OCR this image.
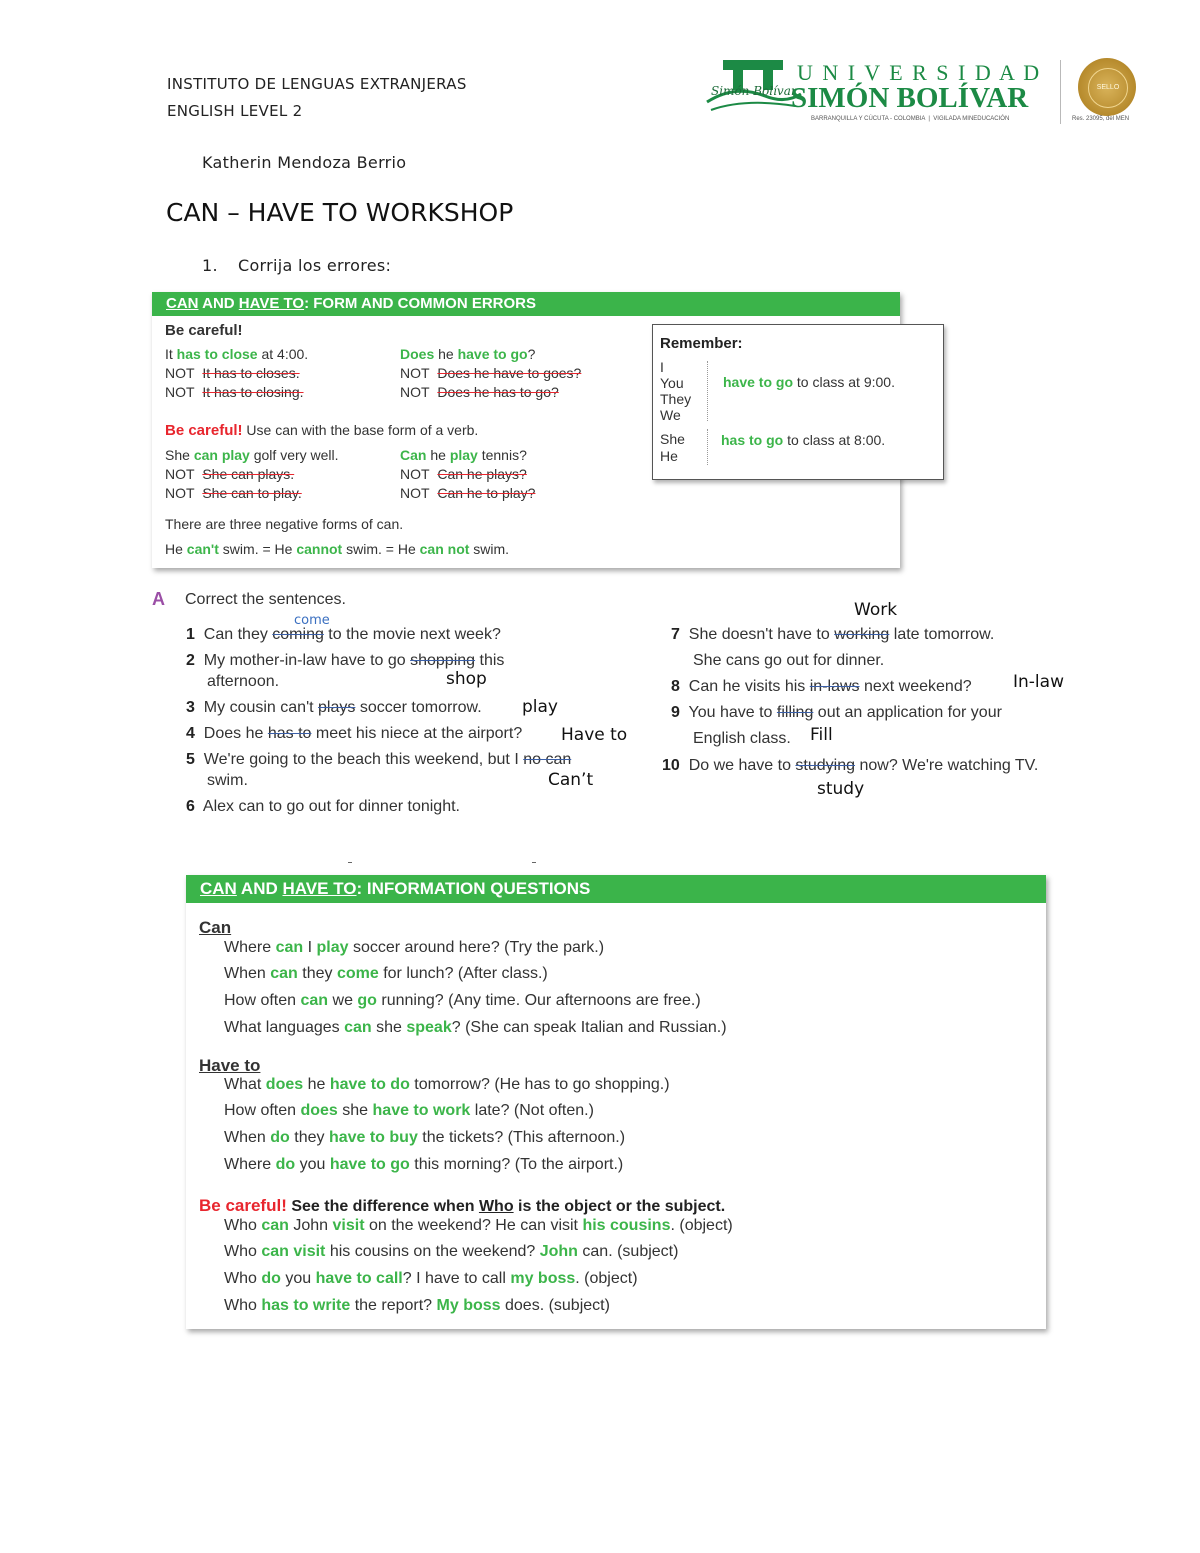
INSTITUTO DE LENGUAS EXTRANJERAS
ENGLISH LEVEL 2
Katherin Mendoza Berrio
CAN – HAVE TO WORKSHOP
1. Corrija los errores:
Simón Bolívar
U N I V E R S I D A D
SIMÓN BOLÍVAR
BARRANQUILLA Y CÚCUTA - COLOMBIA  |  VIGILADA MINEDUCACIÓN
SELLO
Res. 23095, del MEN
CAN AND HAVE TO: FORM AND COMMON ERRORS
Be careful!
It has to close at 4:00.	Does he have to go?
NOT It has to closes.	NOT Does he have to goes?
NOT It has to closing.	NOT Does he has to go?
Be careful! Use can with the base form of a verb.
She can play golf very well.	Can he play tennis?
NOT She can plays.	NOT Can he plays?
NOT She can to play.	NOT Can he to play?
There are three negative forms of can.
He can't swim. = He cannot swim. = He can not swim.
Remember:
I
You
They
We
have to go to class at 9:00.
She
He
has to go to class at 8:00.
A Correct the sentences.
1 Can they coming to the movie next week?
2 My mother-in-law have to go shopping this
afternoon.
3 My cousin can't plays soccer tomorrow.
4 Does he has to meet his niece at the airport?
5 We're going to the beach this weekend, but I no can
swim.
6 Alex can to go out for dinner tonight.
7 She doesn't have to working late tomorrow.
She cans go out for dinner.
8 Can he visits his in-laws next weekend?
9 You have to filling out an application for your
English class.
10 Do we have to studying now? We're watching TV.
come
shop
play
Have to
Can’t
Work
In-law
Fill
study
CAN AND HAVE TO: INFORMATION QUESTIONS
Can
Where can I play soccer around here? (Try the park.)
When can they come for lunch? (After class.)
How often can we go running? (Any time. Our afternoons are free.)
What languages can she speak? (She can speak Italian and Russian.)
Have to
What does he have to do tomorrow? (He has to go shopping.)
How often does she have to work late? (Not often.)
When do they have to buy the tickets? (This afternoon.)
Where do you have to go this morning? (To the airport.)
Be careful! See the difference when Who is the object or the subject.
Who can John visit on the weekend? He can visit his cousins. (object)
Who can visit his cousins on the weekend? John can. (subject)
Who do you have to call? I have to call my boss. (object)
Who has to write the report? My boss does. (subject)
